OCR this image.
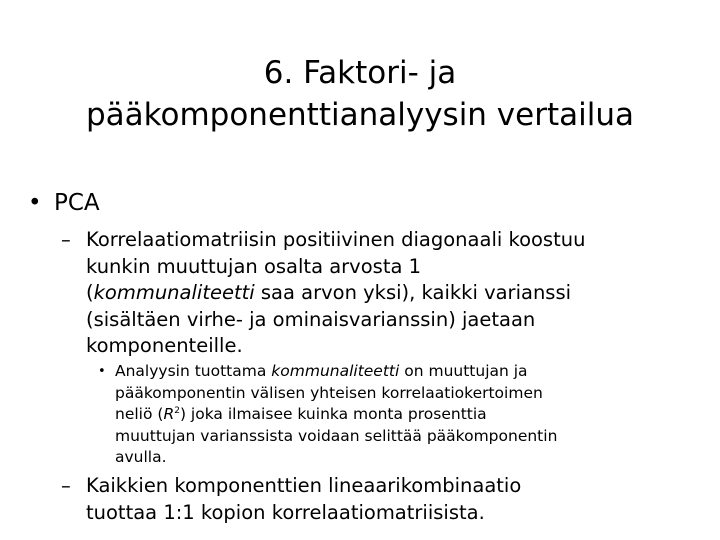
6. Faktori- ja
pääkomponenttianalyysin vertailua
• PCA
– Korrelaatiomatriisin positiivinen diagonaali koostuu
kunkin muuttujan osalta arvosta 1
(kommunaliteetti saa arvon yksi), kaikki varianssi
(sisältäen virhe- ja ominaisvarianssin) jaetaan
komponenteille.
• Analyysin tuottama kommunaliteetti on muuttujan ja
pääkomponentin välisen yhteisen korrelaatiokertoimen
neliö $(R^2)$ joka ilmaisee kuinka monta prosenttia
muuttujan varianssista voidaan selittää pääkomponentin
avulla.
– Kaikkien komponenttien lineaarikombinaatio
tuottaa 1:1 kopion korrelaatiomatriisista.
